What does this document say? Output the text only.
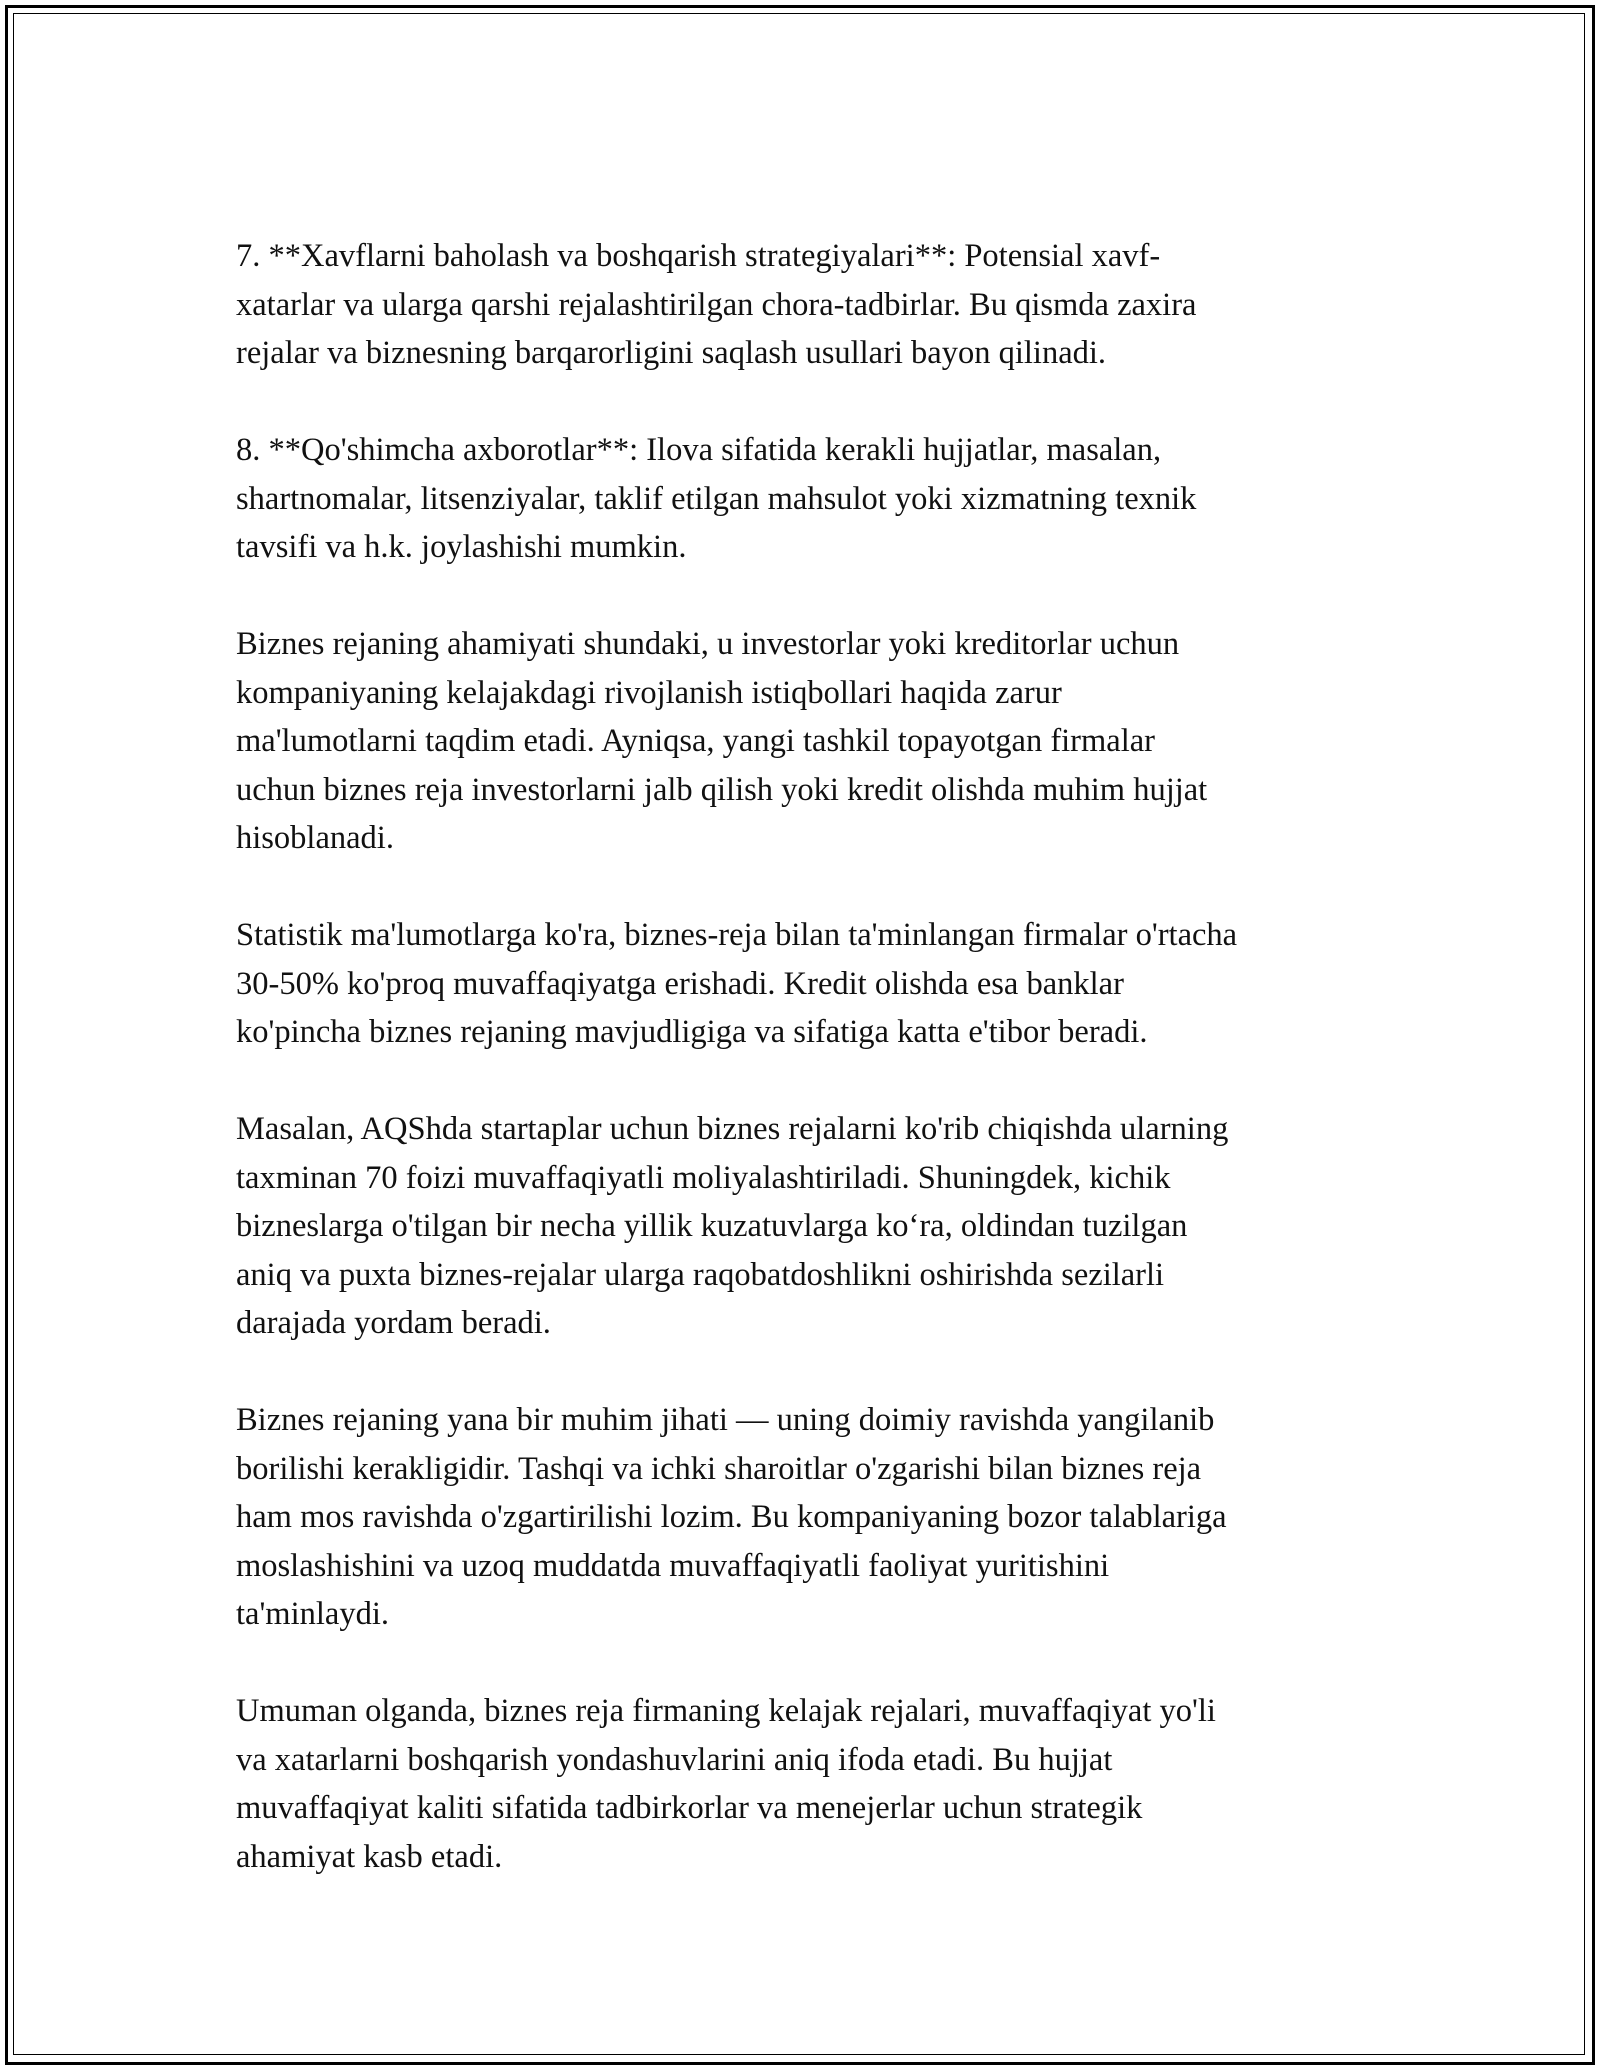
7. **Xavflarni baholash va boshqarish strategiyalari**: Potensial xavf-
xatarlar va ularga qarshi rejalashtirilgan chora-tadbirlar. Bu qismda zaxira
rejalar va biznesning barqarorligini saqlash usullari bayon qilinadi.

8. **Qo'shimcha axborotlar**: Ilova sifatida kerakli hujjatlar, masalan,
shartnomalar, litsenziyalar, taklif etilgan mahsulot yoki xizmatning texnik
tavsifi va h.k. joylashishi mumkin.

Biznes rejaning ahamiyati shundaki, u investorlar yoki kreditorlar uchun
kompaniyaning kelajakdagi rivojlanish istiqbollari haqida zarur
ma'lumotlarni taqdim etadi. Ayniqsa, yangi tashkil topayotgan firmalar
uchun biznes reja investorlarni jalb qilish yoki kredit olishda muhim hujjat
hisoblanadi.

Statistik ma'lumotlarga ko'ra, biznes-reja bilan ta'minlangan firmalar o'rtacha
30-50% ko'proq muvaffaqiyatga erishadi. Kredit olishda esa banklar
ko'pincha biznes rejaning mavjudligiga va sifatiga katta e'tibor beradi.

Masalan, AQShda startaplar uchun biznes rejalarni ko'rib chiqishda ularning
taxminan 70 foizi muvaffaqiyatli moliyalashtiriladi. Shuningdek, kichik
bizneslarga o'tilgan bir necha yillik kuzatuvlarga ko‘ra, oldindan tuzilgan
aniq va puxta biznes-rejalar ularga raqobatdoshlikni oshirishda sezilarli
darajada yordam beradi.

Biznes rejaning yana bir muhim jihati — uning doimiy ravishda yangilanib
borilishi kerakligidir. Tashqi va ichki sharoitlar o'zgarishi bilan biznes reja
ham mos ravishda o'zgartirilishi lozim. Bu kompaniyaning bozor talablariga
moslashishini va uzoq muddatda muvaffaqiyatli faoliyat yuritishini
ta'minlaydi.

Umuman olganda, biznes reja firmaning kelajak rejalari, muvaffaqiyat yo'li
va xatarlarni boshqarish yondashuvlarini aniq ifoda etadi. Bu hujjat
muvaffaqiyat kaliti sifatida tadbirkorlar va menejerlar uchun strategik
ahamiyat kasb etadi.
